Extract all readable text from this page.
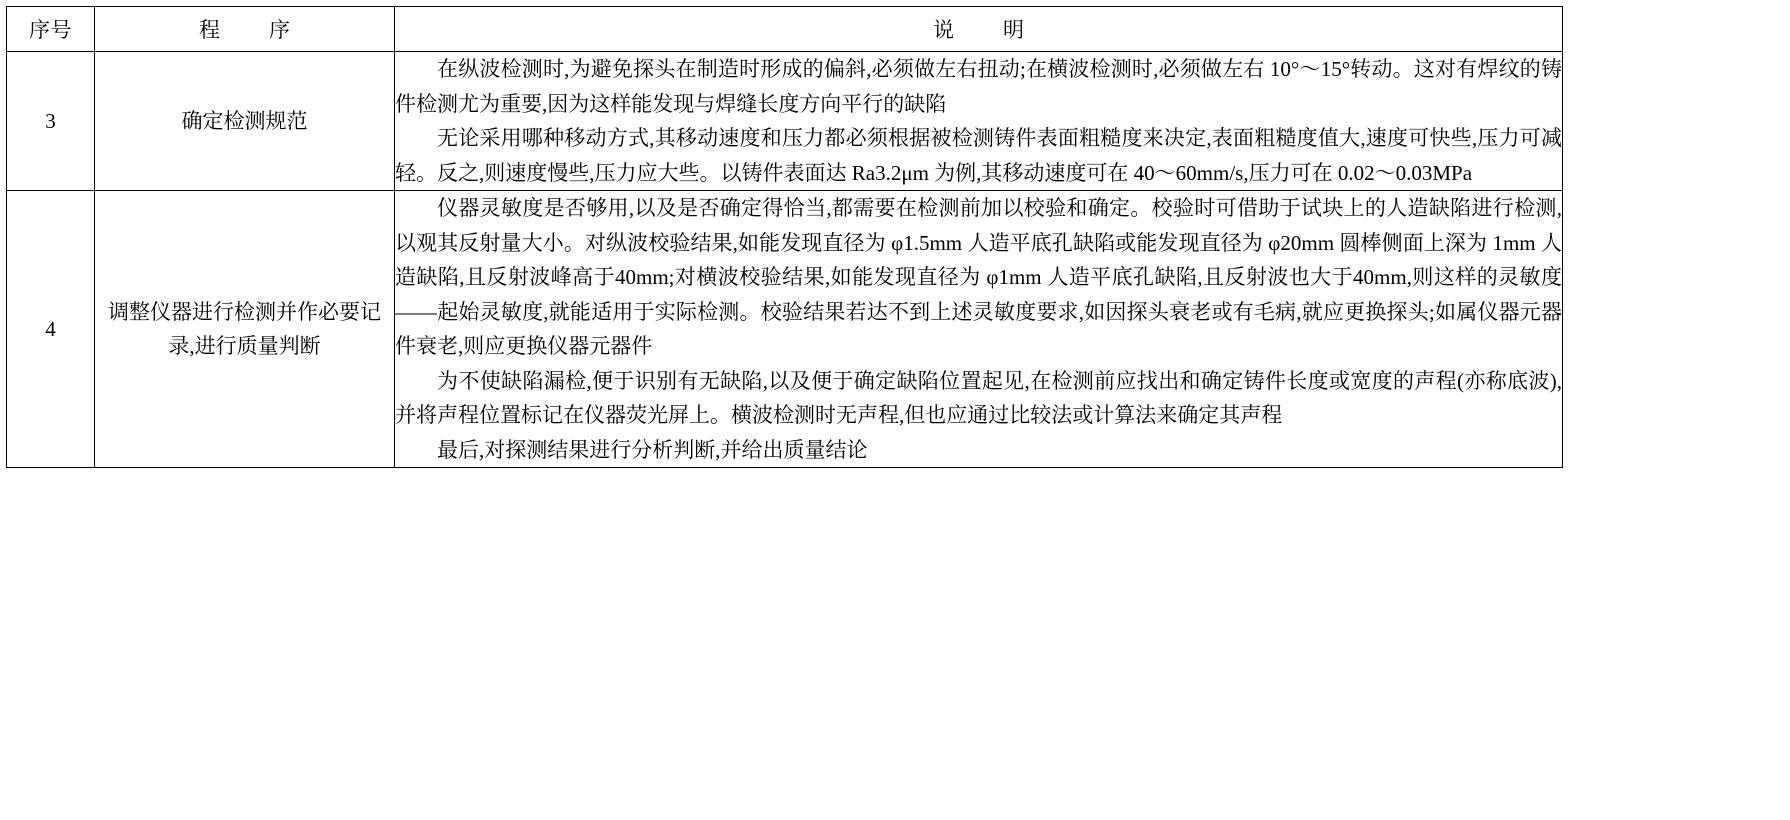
序号	程　序	说　明
3	确定检测规范	在纵波检测时,为避免探头在制造时形成的偏斜,必须做左右扭动;在横波检测时,必须做左右 10°～15°转动。这对有焊纹的铸件检测尤为重要,因为这样能发现与焊缝长度方向平行的缺陷

无论采用哪种移动方式,其移动速度和压力都必须根据被检测铸件表面粗糙度来决定,表面粗糙度值大,速度可快些,压力可减轻。反之,则速度慢些,压力应大些。以铸件表面达 Ra3.2μm 为例,其移动速度可在 40～60mm/s,压力可在 0.02～0.03MPa

4	调整仪器进行检测并作必要记录,进行质量判断	仪器灵敏度是否够用,以及是否确定得恰当,都需要在检测前加以校验和确定。校验时可借助于试块上的人造缺陷进行检测,以观其反射量大小。对纵波校验结果,如能发现直径为 φ1.5mm 人造平底孔缺陷或能发现直径为 φ20mm 圆棒侧面上深为 1mm 人造缺陷,且反射波峰高于40mm;对横波校验结果,如能发现直径为 φ1mm 人造平底孔缺陷,且反射波也大于40mm,则这样的灵敏度——起始灵敏度,就能适用于实际检测。校验结果若达不到上述灵敏度要求,如因探头衰老或有毛病,就应更换探头;如属仪器元器件衰老,则应更换仪器元器件

为不使缺陷漏检,便于识别有无缺陷,以及便于确定缺陷位置起见,在检测前应找出和确定铸件长度或宽度的声程(亦称底波),并将声程位置标记在仪器荧光屏上。横波检测时无声程,但也应通过比较法或计算法来确定其声程

最后,对探测结果进行分析判断,并给出质量结论
